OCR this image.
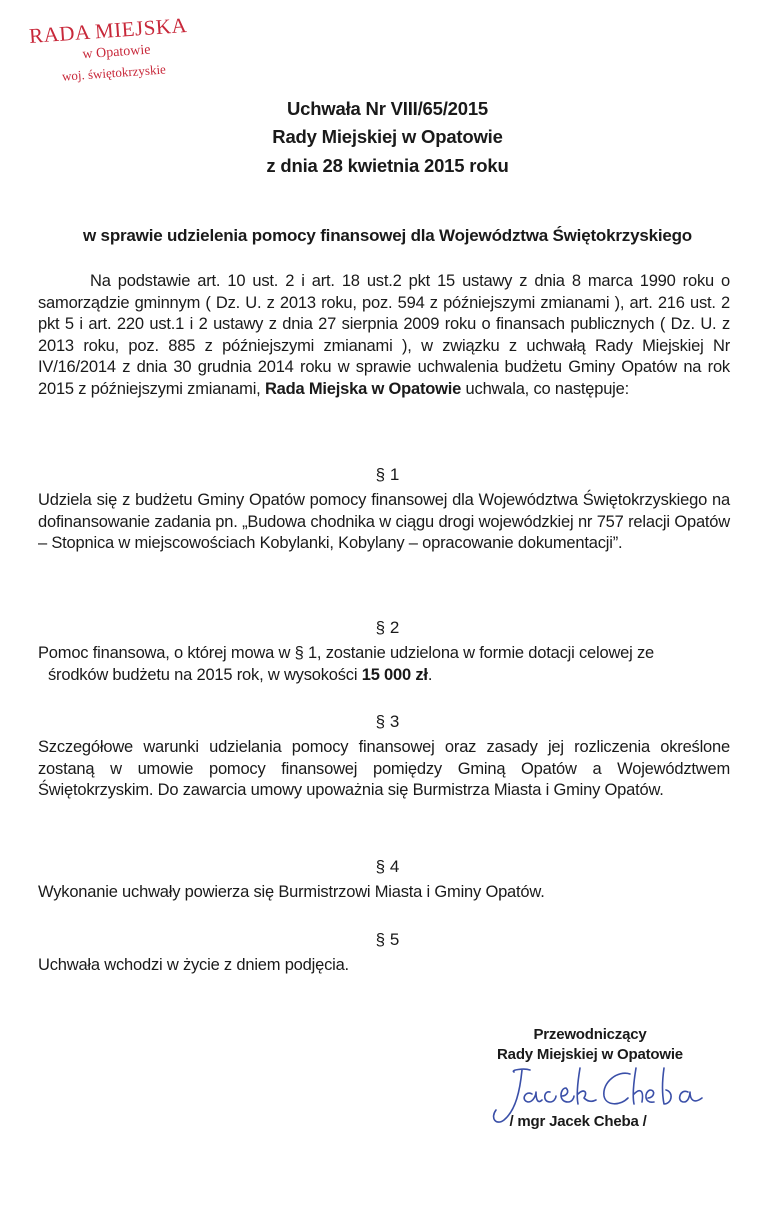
RADA MIEJSKA
w Opatowie
woj. świętokrzyskie
Uchwała Nr VIII/65/2015
Rady Miejskiej w Opatowie
z dnia 28 kwietnia 2015 roku
w sprawie udzielenia pomocy finansowej dla Województwa Świętokrzyskiego
Na podstawie art. 10 ust. 2 i art. 18 ust.2 pkt 15 ustawy z dnia 8 marca 1990 roku o samorządzie gminnym ( Dz. U. z 2013 roku, poz. 594 z późniejszymi zmianami ), art. 216 ust. 2 pkt 5 i art. 220 ust.1 i 2 ustawy z dnia 27 sierpnia 2009 roku o finansach publicznych ( Dz. U. z 2013 roku, poz. 885 z późniejszymi zmianami ), w związku z uchwałą Rady Miejskiej Nr IV/16/2014 z dnia 30 grudnia 2014 roku w sprawie uchwalenia budżetu Gminy Opatów na rok 2015 z późniejszymi zmianami, Rada Miejska w Opatowie uchwala, co następuje:
§ 1
Udziela się z budżetu Gminy Opatów pomocy finansowej dla Województwa Świętokrzyskiego na dofinansowanie zadania pn. „Budowa chodnika w ciągu drogi wojewódzkiej nr 757 relacji Opatów – Stopnica w miejscowościach Kobylanki, Kobylany – opracowanie dokumentacji”.
§ 2
Pomoc finansowa, o której mowa w § 1, zostanie udzielona w formie dotacji celowej ze
środków budżetu na 2015 rok, w wysokości 15 000 zł.
§ 3
Szczegółowe warunki udzielania pomocy finansowej oraz zasady jej rozliczenia określone zostaną w umowie pomocy finansowej pomiędzy Gminą Opatów a Województwem Świętokrzyskim. Do zawarcia umowy upoważnia się Burmistrza Miasta i Gminy Opatów.
§ 4
Wykonanie uchwały powierza się Burmistrzowi Miasta i Gminy Opatów.
§ 5
Uchwała wchodzi w życie z dniem podjęcia.
Przewodniczący
Rady Miejskiej w Opatowie
/ mgr Jacek Cheba /
